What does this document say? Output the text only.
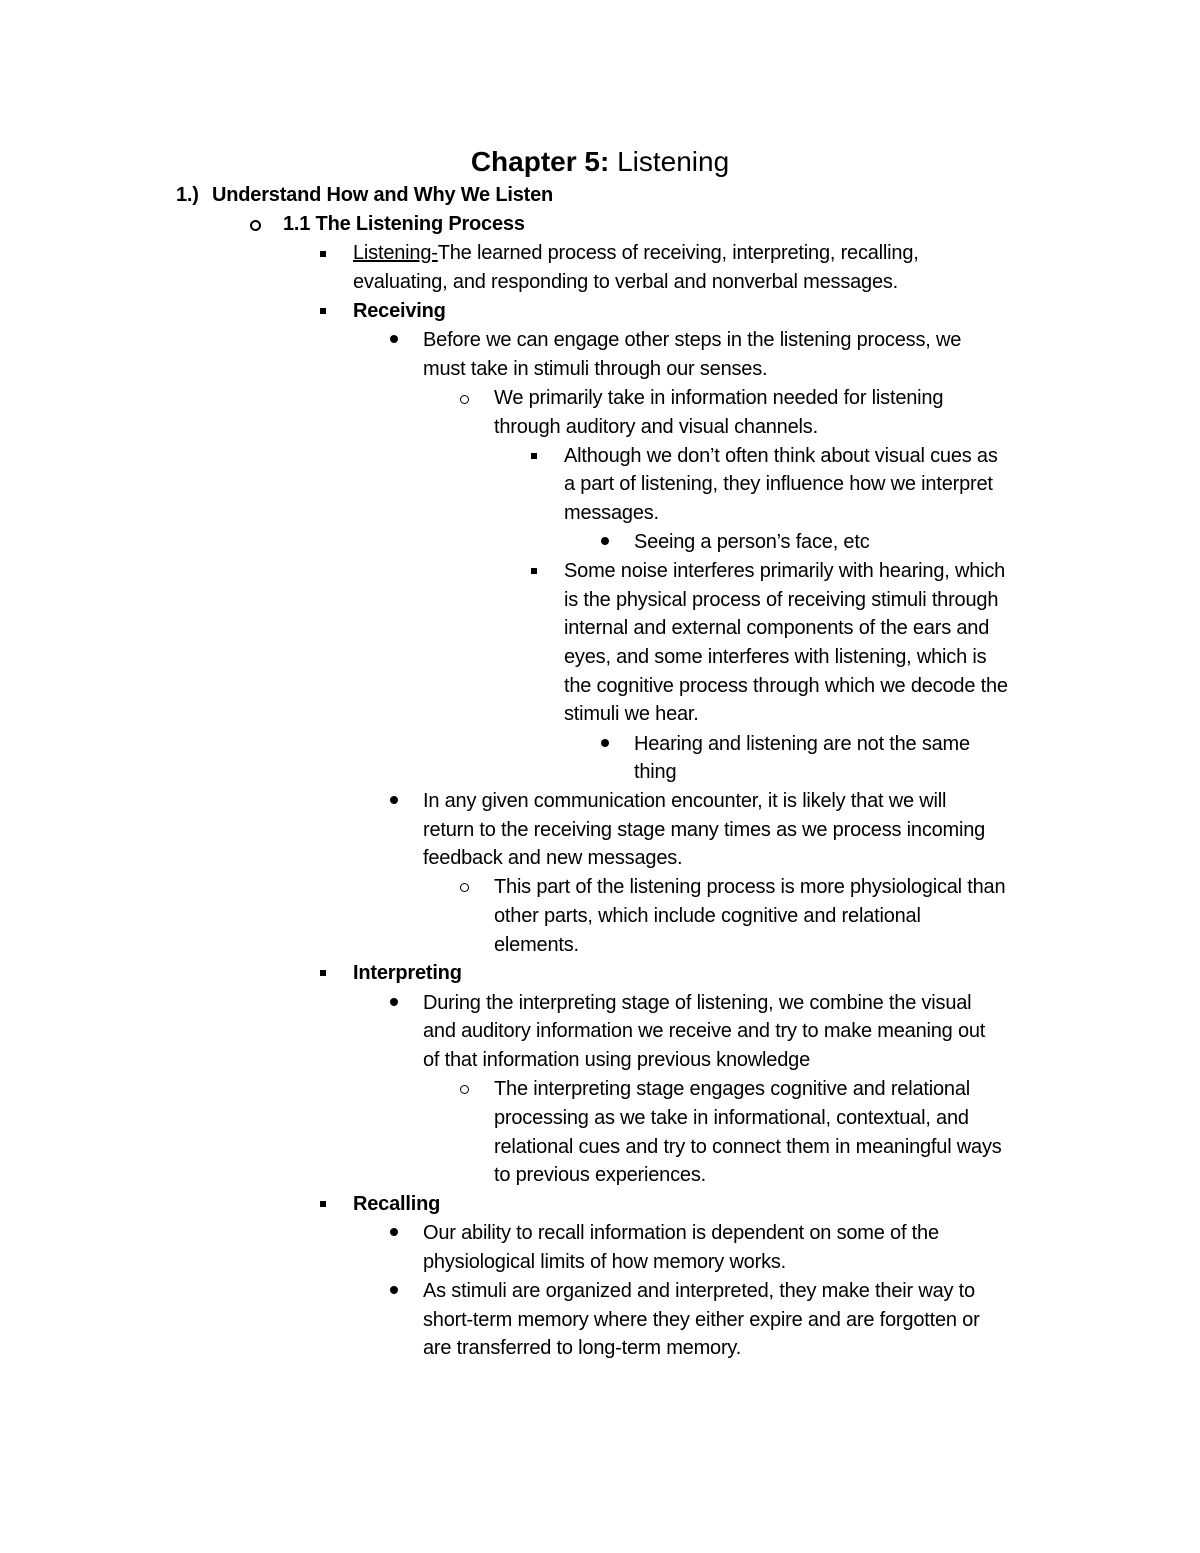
Chapter 5: Listening
1.) Understand How and Why We Listen
1.1 The Listening Process
Listening-The learned process of receiving, interpreting, recalling,
evaluating, and responding to verbal and nonverbal messages.
Receiving
Before we can engage other steps in the listening process, we
must take in stimuli through our senses.
We primarily take in information needed for listening
through auditory and visual channels.
Although we don’t often think about visual cues as
a part of listening, they influence how we interpret
messages.
Seeing a person’s face, etc
Some noise interferes primarily with hearing, which
is the physical process of receiving stimuli through
internal and external components of the ears and
eyes, and some interferes with listening, which is
the cognitive process through which we decode the
stimuli we hear.
Hearing and listening are not the same
thing
In any given communication encounter, it is likely that we will
return to the receiving stage many times as we process incoming
feedback and new messages.
This part of the listening process is more physiological than
other parts, which include cognitive and relational
elements.
Interpreting
During the interpreting stage of listening, we combine the visual
and auditory information we receive and try to make meaning out
of that information using previous knowledge
The interpreting stage engages cognitive and relational
processing as we take in informational, contextual, and
relational cues and try to connect them in meaningful ways
to previous experiences.
Recalling
Our ability to recall information is dependent on some of the
physiological limits of how memory works.
As stimuli are organized and interpreted, they make their way to
short-term memory where they either expire and are forgotten or
are transferred to long-term memory.
